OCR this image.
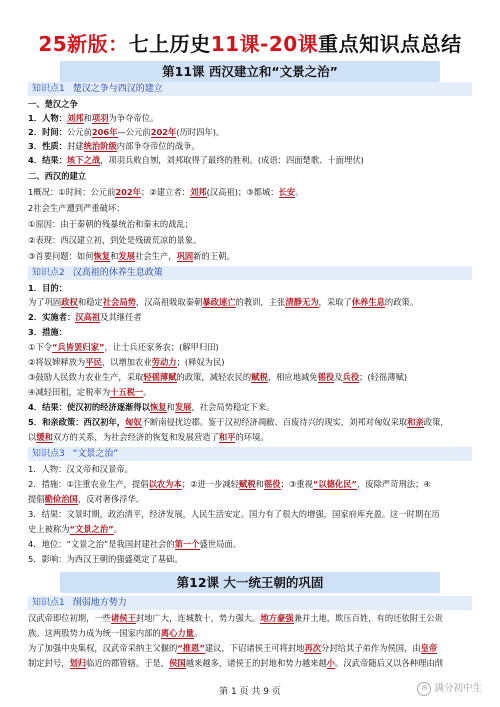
25新版：七上历史11课-20课重点知识点总结
第11课 西汉建立和“文景之治”
知识点1 楚汉之争与西汉的建立
一、楚汉之争
1．人物：刘邦和项羽为争夺帝位。
2．时间：公元前206年—公元前202年(历时四年)。
3．性质：封建统治阶级内部争夺帝位的战争。
4．结果：垓下之战，项羽兵败自刎，刘邦取得了最终的胜利。(成语：四面楚歌、十面埋伏)
二、西汉的建立
1概况：①时间：公元前202年；②建立者：刘邦(汉高祖)；③都城：长安。
2社会生产遭到严重破坏：
①原因：由于秦朝的残暴统治和秦末的战乱；
②表现：西汉建立初，到处是残破荒凉的景象。
③首要问题：如何恢复和发展社会生产，巩固新的王朝。
知识点2 汉高祖的休养生息政策
1．目的：
为了巩固政权和稳定社会局势，汉高祖吸取秦朝暴政速亡的教训，主张清静无为，采取了休养生息的政策。
2．实施者：汉高祖及其继任者
3．措施：
①下令“兵皆罢归家”，让士兵还家务农；(解甲归田)
②将奴婢释放为平民，以增加农业劳动力；(释奴为民)
③鼓励人民致力农业生产，采取轻徭薄赋的政策，减轻农民的赋税，相应地减免徭役及兵役；(轻徭薄赋)
④减轻田租，定税率为十五税一。
4．结果：使汉初的经济逐渐得以恢复和发展，社会局势稳定下来。
5．和亲政策：西汉初年，匈奴不断南侵扰边郡。鉴于汉初经济凋敝、百废待兴的现实，刘邦对匈奴采取和亲政策，
以缓和双方的关系，为社会经济的恢复和发展营造了和平的环境。
知识点3 “文景之治”
1．人物：汉文帝和汉景帝。
2．措施：①注重农业生产，提倡以农为本；②进一步减轻赋税和徭役；③重视“以德化民”，废除严苛刑法；④
提倡勤俭治国，反对奢侈浮华。
3．结果：文景时期，政治清平，经济发展，人民生活安定。国力有了很大的增强，国家府库充盈。这一时期在历
史上被称为“文景之治”。
4．地位：“文景之治”是我国封建社会的第一个盛世局面。
5．影响：为西汉王朝的强盛奠定了基础。
第12课 大一统王朝的巩固
知识点1 削弱地方势力
汉武帝即位初期，一些诸侯王封地广大，连城数十，势力强大。地方豪强兼并土地，欺压百姓，有的还依附王公贵
族。这两股势力成为统一国家内部的离心力量。
为了加强中央集权，汉武帝采纳主父偃的“推恩”建议，下诏诸侯王可将封地再次分封给其子弟作为侯国，由皇帝
制定封号，划归临近的郡管辖。于是，侯国越来越多，诸侯王的封地和势力越来越小。汉武帝随后又以各种理由削
第 1 页 共 9 页	✉ 满分初中生
